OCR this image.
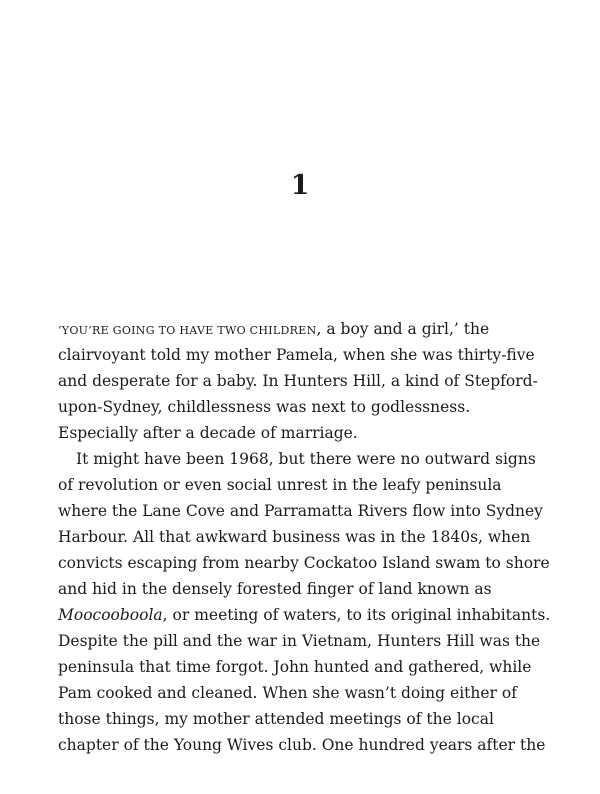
1
‘YOU’RE GOING TO HAVE TWO CHILDREN, a boy and a girl,’ the
clairvoyant told my mother Pamela, when she was thirty-five
and desperate for a baby. In Hunters Hill, a kind of Stepford-
upon-Sydney, childlessness was next to godlessness.
Especially after a decade of marriage.
It might have been 1968, but there were no outward signs
of revolution or even social unrest in the leafy peninsula
where the Lane Cove and Parramatta Rivers flow into Sydney
Harbour. All that awkward business was in the 1840s, when
convicts escaping from nearby Cockatoo Island swam to shore
and hid in the densely forested finger of land known as
Moocooboola, or meeting of waters, to its original inhabitants.
Despite the pill and the war in Vietnam, Hunters Hill was the
peninsula that time forgot. John hunted and gathered, while
Pam cooked and cleaned. When she wasn’t doing either of
those things, my mother attended meetings of the local
chapter of the Young Wives club. One hundred years after the
